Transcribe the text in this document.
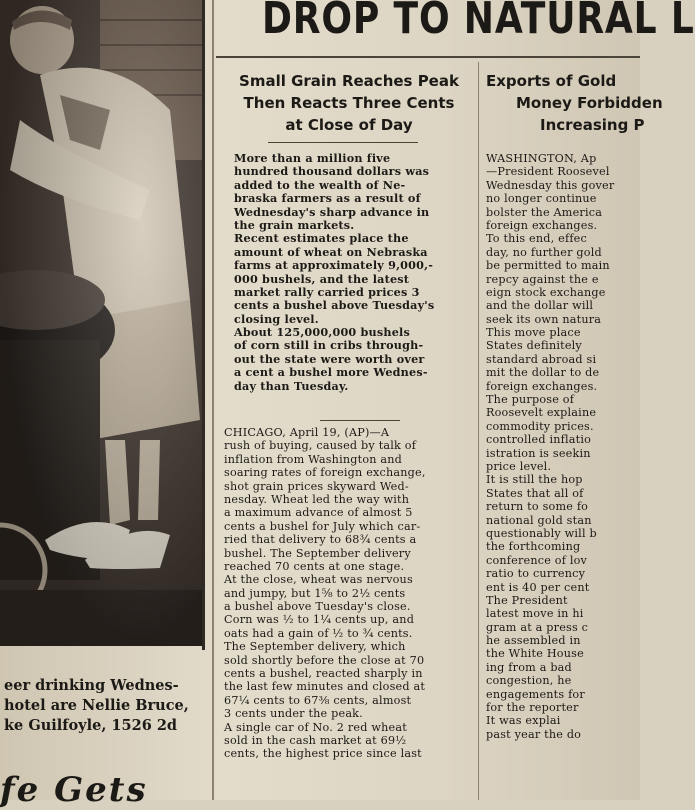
eer drinking Wednes-
hotel are Nellie Bruce,
ke Guilfoyle, 1526 2d
fe Gets
DROP TO NATURAL L
Small Grain Reaches Peak
Then Reacts Three Cents
at Close of Day
Exports of Gold
Money Forbidden
Increasing P
More than a million five
hundred thousand dollars was
added to the wealth of Ne-
braska farmers as a result of
Wednesday's sharp advance in
the grain markets.
Recent estimates place the
amount of wheat on Nebraska
farms at approximately 9,000,-
000 bushels, and the latest
market rally carried prices 3
cents a bushel above Tuesday's
closing level.
About 125,000,000 bushels
of corn still in cribs through-
out the state were worth over
a cent a bushel more Wednes-
day than Tuesday.
CHICAGO, April 19, (AP)—A
rush of buying, caused by talk of
inflation from Washington and
soaring rates of foreign exchange,
shot grain prices skyward Wed-
nesday. Wheat led the way with
a maximum advance of almost 5
cents a bushel for July which car-
ried that delivery to 68¾ cents a
bushel. The September delivery
reached 70 cents at one stage.
At the close, wheat was nervous
and jumpy, but 1⅝ to 2½ cents
a bushel above Tuesday's close.
Corn was ½ to 1¼ cents up, and
oats had a gain of ½ to ¾ cents.
The September delivery, which
sold shortly before the close at 70
cents a bushel, reacted sharply in
the last few minutes and closed at
67¼ cents to 67⅜ cents, almost
3 cents under the peak.
A single car of No. 2 red wheat
sold in the cash market at 69½
cents, the highest price since last
WASHINGTON, Ap
—President Roosevel
Wednesday this gover
no longer continue
bolster the America
foreign exchanges.
To this end, effec
day, no further gold
be permitted to main
repcy against the e
eign stock exchange
and the dollar will
seek its own natura
This move place
States definitely
standard abroad si
mit the dollar to de
foreign exchanges.
The purpose of
Roosevelt explaine
commodity prices.
controlled inflatio
istration is seekin
price level.
It is still the hop
States that all of
return to some fo
national gold stan
questionably will b
the forthcoming
conference of lov
ratio to currency
ent is 40 per cent
The President
latest move in hi
gram at a press c
he assembled in
the White House
ing from a bad
congestion, he
engagements for
for the reporter
It was explai
past year the do
